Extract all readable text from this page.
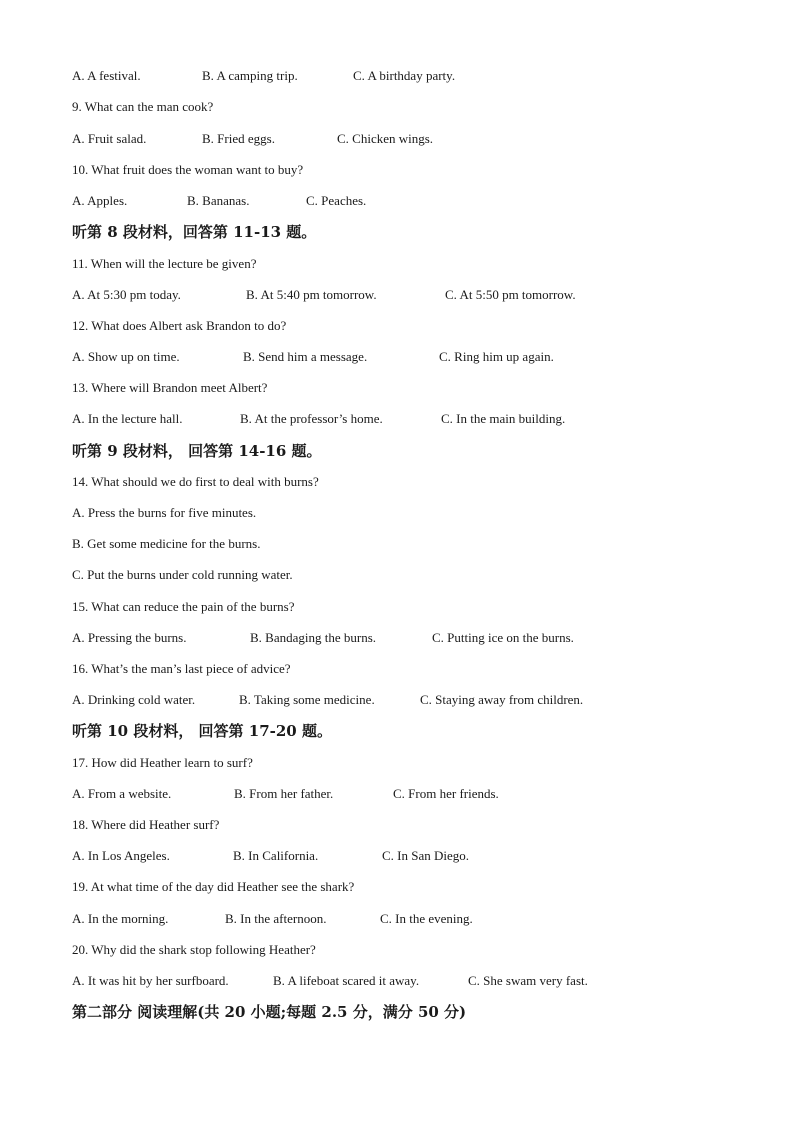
A. A festival.	B. A camping trip.	C. A birthday party.
9. What can the man cook?
A. Fruit salad.	B. Fried eggs.	C. Chicken wings.
10. What fruit does the woman want to buy?
A. Apples.	B. Bananas.	C. Peaches.
听第 8 段材料，回答第 11-13 题。
11. When will the lecture be given?
A. At 5:30 pm today.	B. At 5:40 pm tomorrow.	C. At 5:50 pm tomorrow.
12. What does Albert ask Brandon to do?
A. Show up on time.	B. Send him a message.	C. Ring him up again.
13. Where will Brandon meet Albert?
A. In the lecture hall.	B. At the professor’s home.	C. In the main building.
听第 9 段材料， 回答第 14-16 题。
14. What should we do first to deal with burns?
A. Press the burns for five minutes.
B. Get some medicine for the burns.
C. Put the burns under cold running water.
15. What can reduce the pain of the burns?
A. Pressing the burns.	B. Bandaging the burns.	C. Putting ice on the burns.
16. What’s the man’s last piece of advice?
A. Drinking cold water.	B. Taking some medicine.	C. Staying away from children.
听第 10 段材料， 回答第 17-20 题。
17. How did Heather learn to surf?
A. From a website.	B. From her father.	C. From her friends.
18. Where did Heather surf?
A. In Los Angeles.	B. In California.	C. In San Diego.
19. At what time of the day did Heather see the shark?
A. In the morning.	B. In the afternoon.	C. In the evening.
20. Why did the shark stop following Heather?
A. It was hit by her surfboard.	B. A lifeboat scared it away.	C. She swam very fast.
第二部分 阅读理解(共 20 小题;每题 2.5 分，满分 50 分)
